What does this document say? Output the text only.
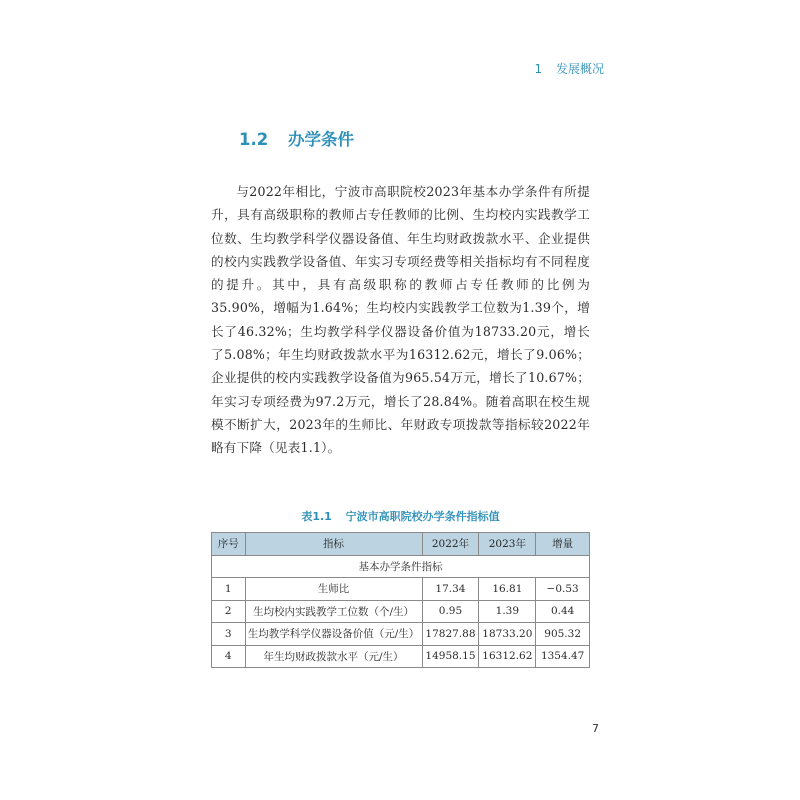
1 发展概况
1.2 办学条件

与2022年相比，宁波市高职院校2023年基本办学条件有所提升，具有高级职称的教师占专任教师的比例、生均校内实践教学工位数、生均教学科学仪器设备值、年生均财政拨款水平、企业提供的校内实践教学设备值、年实习专项经费等相关指标均有不同程度的提升。其中，具有高级职称的教师占专任教师的比例为35.90%，增幅为1.64%；生均校内实践教学工位数为1.39个，增长了46.32%；生均教学科学仪器设备价值为18733.20元，增长了5.08%；年生均财政拨款水平为16312.62元，增长了9.06%；企业提供的校内实践教学设备值为965.54万元，增长了10.67%；年实习专项经费为97.2万元，增长了28.84%。随着高职在校生规模不断扩大，2023年的生师比、年财政专项拨款等指标较2022年略有下降（见表1.1）。

表1.1 宁波市高职院校办学条件指标值
序号	指标	2022年	2023年	增量
基本办学条件指标				
1	生师比	17.34	16.81	−0.53
2	生均校内实践教学工位数（个/生）	0.95	1.39	0.44
3	生均教学科学仪器设备价值（元/生）	17827.88	18733.20	905.32
4	年生均财政拨款水平（元/生）	14958.15	16312.62	1354.47
7
